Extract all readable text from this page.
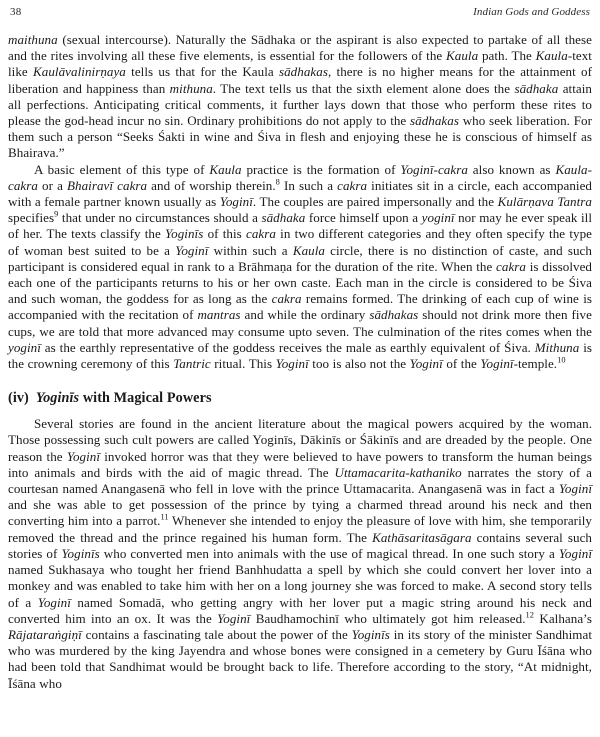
38	Indian Gods and Goddess

maithuna (sexual intercourse). Naturally the Sādhaka or the aspirant is also expected to partake of all these and the rites involving all these five elements, is essential for the followers of the Kaula path. The Kaula-text like Kaulāvalinirṇaya tells us that for the Kaula sādhakas, there is no higher means for the attainment of liberation and happiness than mithuna. The text tells us that the sixth element alone does the sādhaka attain all perfections. Anticipating critical comments, it further lays down that those who perform these rites to please the god-head incur no sin. Ordinary prohibitions do not apply to the sādhakas who seek liberation. For them such a person “Seeks Śakti in wine and Śiva in flesh and enjoying these he is conscious of himself as Bhairava.”

A basic element of this type of Kaula practice is the formation of Yoginī-cakra also known as Kaula-cakra or a Bhairavī cakra and of worship therein.$^8$ In such a cakra initiates sit in a circle, each accompanied with a female partner known usually as Yoginī. The couples are paired impersonally and the Kulārṇava Tantra specifies$^9$ that under no circumstances should a sādhaka force himself upon a yoginī nor may he ever speak ill of her. The texts classify the Yoginīs of this cakra in two different categories and they often specify the type of woman best suited to be a Yoginī within such a Kaula circle, there is no distinction of caste, and such participant is considered equal in rank to a Brāhmaṇa for the duration of the rite. When the cakra is dissolved each one of the participants returns to his or her own caste. Each man in the circle is considered to be Śiva and such woman, the goddess for as long as the cakra remains formed. The drinking of each cup of wine is accompanied with the recitation of mantras and while the ordinary sādhakas should not drink more then five cups, we are told that more advanced may consume upto seven. The culmination of the rites comes when the yoginī as the earthly representative of the goddess receives the male as earthly equivalent of Śiva. Mithuna is the crowning ceremony of this Tantric ritual. This Yoginī too is also not the Yoginī of the Yoginī-temple.$^{10}$

(iv) Yoginīs with Magical Powers

Several stories are found in the ancient literature about the magical powers acquired by the woman. Those possessing such cult powers are called Yoginīs, Dākinīs or Śākinīs and are dreaded by the people. One reason the Yoginī invoked horror was that they were believed to have powers to transform the human beings into animals and birds with the aid of magic thread. The Uttamacarita-kathaniko narrates the story of a courtesan named Anangasenā who fell in love with the prince Uttamacarita. Anangasenā was in fact a Yoginī and she was able to get possession of the prince by tying a charmed thread around his neck and then converting him into a parrot.$^{11}$ Whenever she intended to enjoy the pleasure of love with him, she temporarily removed the thread and the prince regained his human form. The Kathāsaritasāgara contains several such stories of Yoginīs who converted men into animals with the use of magical thread. In one such story a Yoginī named Sukhasaya who tought her friend Banhhudatta a spell by which she could convert her lover into a monkey and was enabled to take him with her on a long journey she was forced to make. A second story tells of a Yoginī named Somadā, who getting angry with her lover put a magic string around his neck and converted him into an ox. It was the Yoginī Baudhamochinī who ultimately got him released.$^{12}$ Kalhana’s Rājataraṅgiṇī contains a fascinating tale about the power of the Yoginīs in its story of the minister Sandhimat who was murdered by the king Jayendra and whose bones were consigned in a cemetery by Guru Īśāna who had been told that Sandhimat would be brought back to life. Therefore according to the story, “At midnight, Īśāna who
